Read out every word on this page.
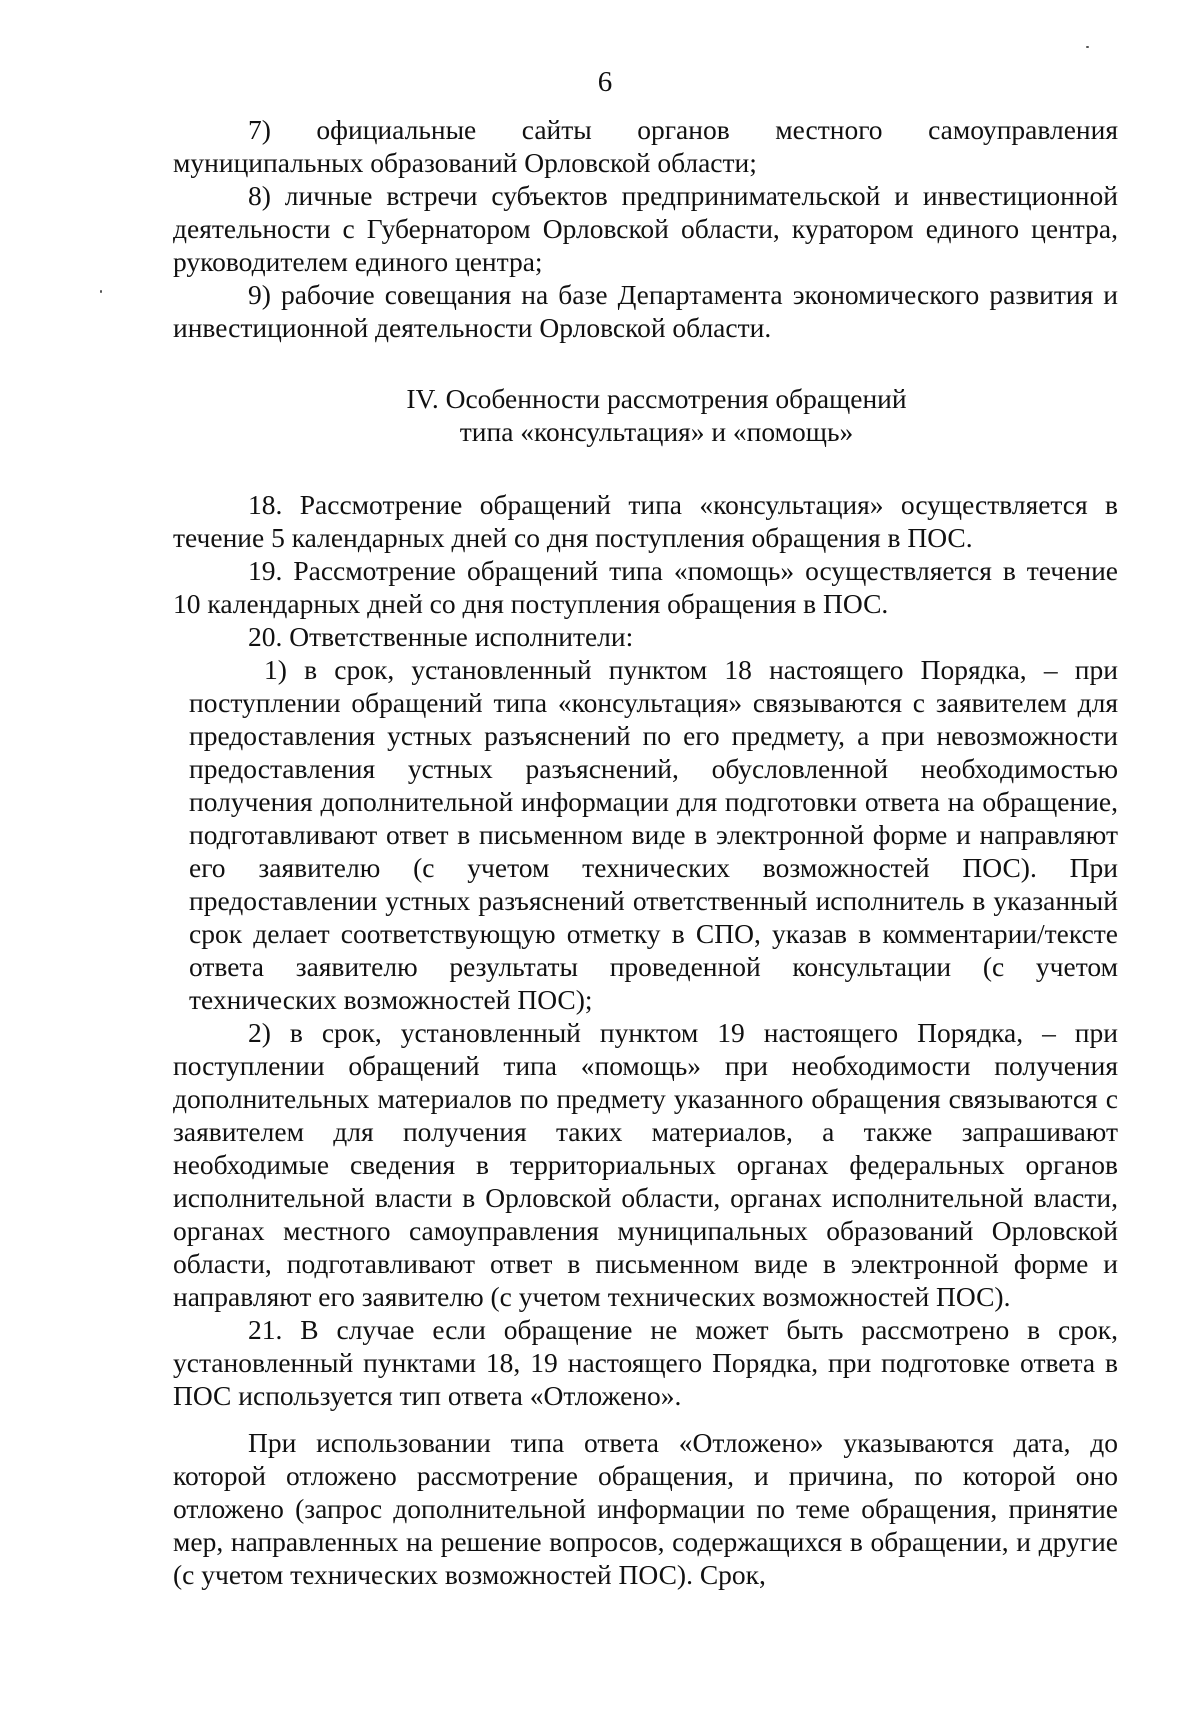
6

7) официальные сайты органов местного самоуправления муниципальных образований Орловской области;

8) личные встречи субъектов предпринимательской и инвестиционной деятельности с Губернатором Орловской области, куратором единого центра, руководителем единого центра;

9) рабочие совещания на базе Департамента экономического развития и инвестиционной деятельности Орловской области.

IV. Особенности рассмотрения обращений
типа «консультация» и «помощь»

18. Рассмотрение обращений типа «консультация» осуществляется в течение 5 календарных дней со дня поступления обращения в ПОС.

19. Рассмотрение обращений типа «помощь» осуществляется в течение 10 календарных дней со дня поступления обращения в ПОС.

20. Ответственные исполнители:

1) в срок, установленный пунктом 18 настоящего Порядка, – при поступлении обращений типа «консультация» связываются с заявителем для предоставления устных разъяснений по его предмету, а при невозможности предоставления устных разъяснений, обусловленной необходимостью получения дополнительной информации для подготовки ответа на обращение, подготавливают ответ в письменном виде в электронной форме и направляют его заявителю (с учетом технических возможностей ПОС). При предоставлении устных разъяснений ответственный исполнитель в указанный срок делает соответствующую отметку в СПО, указав в комментарии/тексте ответа заявителю результаты проведенной консультации (с учетом технических возможностей ПОС);

2) в срок, установленный пунктом 19 настоящего Порядка, – при поступлении обращений типа «помощь» при необходимости получения дополнительных материалов по предмету указанного обращения связываются с заявителем для получения таких материалов, а также запрашивают необходимые сведения в территориальных органах федеральных органов исполнительной власти в Орловской области, органах исполнительной власти, органах местного самоуправления муниципальных образований Орловской области, подготавливают ответ в письменном виде в электронной форме и направляют его заявителю (с учетом технических возможностей ПОС).

21. В случае если обращение не может быть рассмотрено в срок, установленный пунктами 18, 19 настоящего Порядка, при подготовке ответа в ПОС используется тип ответа «Отложено».

При использовании типа ответа «Отложено» указываются дата, до которой отложено рассмотрение обращения, и причина, по которой оно отложено (запрос дополнительной информации по теме обращения, принятие мер, направленных на решение вопросов, содержащихся в обращении, и другие (с учетом технических возможностей ПОС). Срок,
